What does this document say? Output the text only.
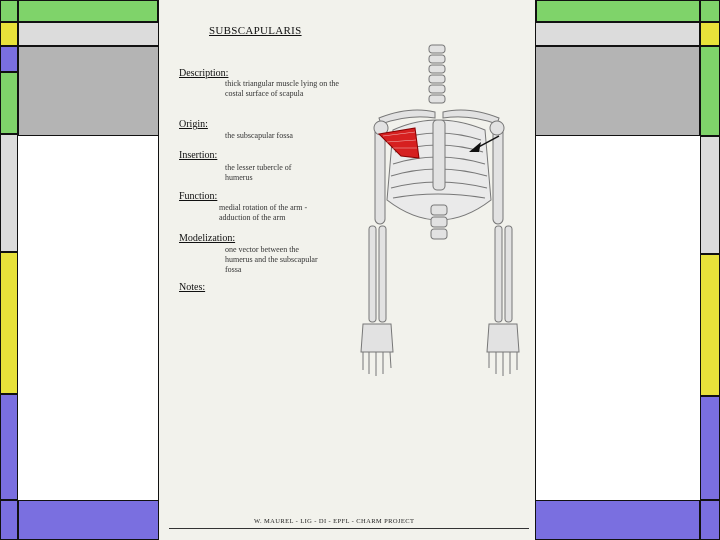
SUBSCAPULARIS
Description:
thick triangular muscle lying on the costal surface of scapula
Origin:
the subscapular fossa
Insertion:
the lesser tubercle of humerus
Function:
medial rotation of the arm - adduction of the arm
Modelization:
one vector between the humerus and the subscapular fossa
Notes:
W. MAUREL - LIG - DI - EPFL - CHARM PROJECT
